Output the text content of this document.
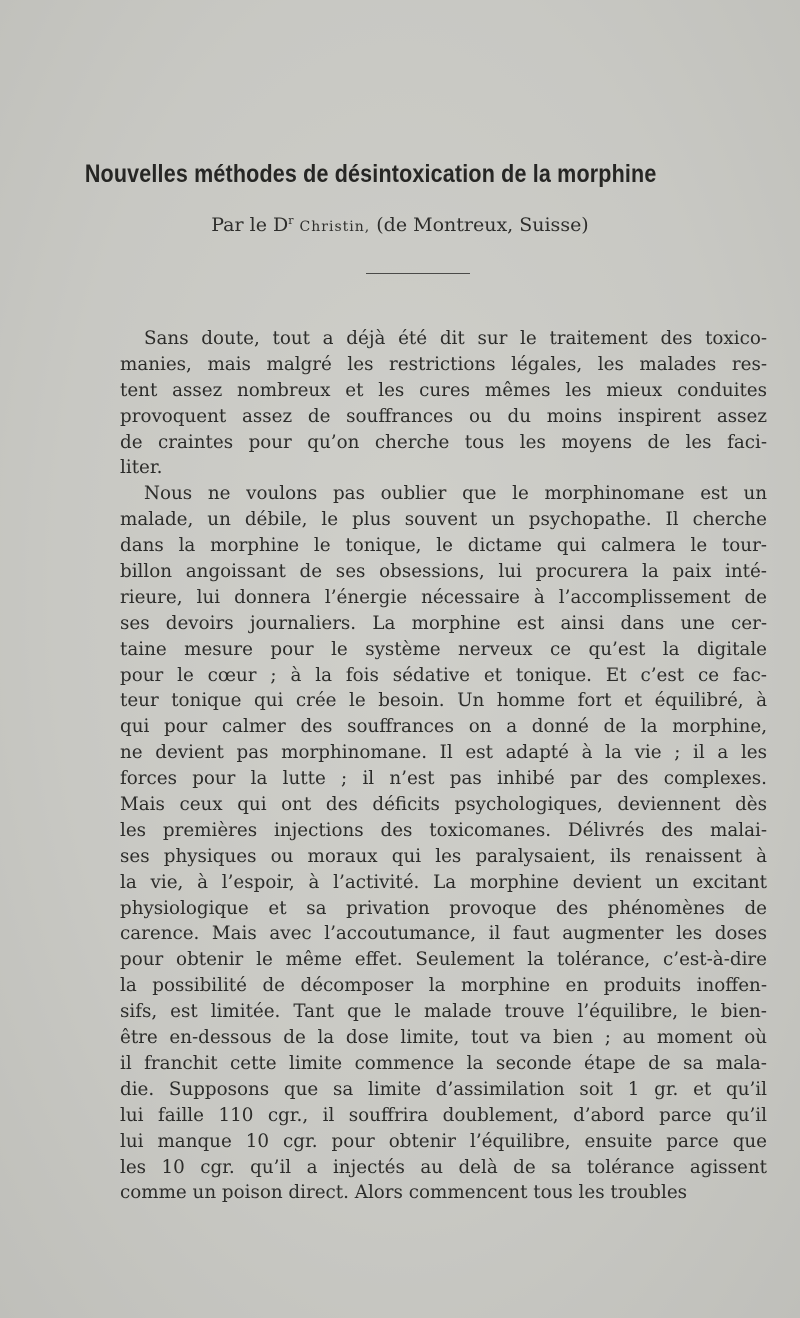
Nouvelles méthodes de désintoxication de la morphine
Par le $D^r$ Christin, (de Montreux, Suisse)
Sans doute, tout a déjà été dit sur le traitement des toxico-
manies, mais malgré les restrictions légales, les malades res-
tent assez nombreux et les cures mêmes les mieux conduites
provoquent assez de souffrances ou du moins inspirent assez
de craintes pour qu’on cherche tous les moyens de les faci-
liter.
Nous ne voulons pas oublier que le morphinomane est un
malade, un débile, le plus souvent un psychopathe. Il cherche
dans la morphine le tonique, le dictame qui calmera le tour-
billon angoissant de ses obsessions, lui procurera la paix inté-
rieure, lui donnera l’énergie nécessaire à l’accomplissement de
ses devoirs journaliers. La morphine est ainsi dans une cer-
taine mesure pour le système nerveux ce qu’est la digitale
pour le cœur ; à la fois sédative et tonique. Et c’est ce fac-
teur tonique qui crée le besoin. Un homme fort et équilibré, à
qui pour calmer des souffrances on a donné de la morphine,
ne devient pas morphinomane. Il est adapté à la vie ; il a les
forces pour la lutte ; il n’est pas inhibé par des complexes.
Mais ceux qui ont des déficits psychologiques, deviennent dès
les premières injections des toxicomanes. Délivrés des malai-
ses physiques ou moraux qui les paralysaient, ils renaissent à
la vie, à l’espoir, à l’activité. La morphine devient un excitant
physiologique et sa privation provoque des phénomènes de
carence. Mais avec l’accoutumance, il faut augmenter les doses
pour obtenir le même effet. Seulement la tolérance, c’est-à-dire
la possibilité de décomposer la morphine en produits inoffen-
sifs, est limitée. Tant que le malade trouve l’équilibre, le bien-
être en-dessous de la dose limite, tout va bien ; au moment où
il franchit cette limite commence la seconde étape de sa mala-
die. Supposons que sa limite d’assimilation soit 1 gr. et qu’il
lui faille 110 cgr., il souffrira doublement, d’abord parce qu’il
lui manque 10 cgr. pour obtenir l’équilibre, ensuite parce que
les 10 cgr. qu’il a injectés au delà de sa tolérance agissent
comme un poison direct. Alors commencent tous les troubles
